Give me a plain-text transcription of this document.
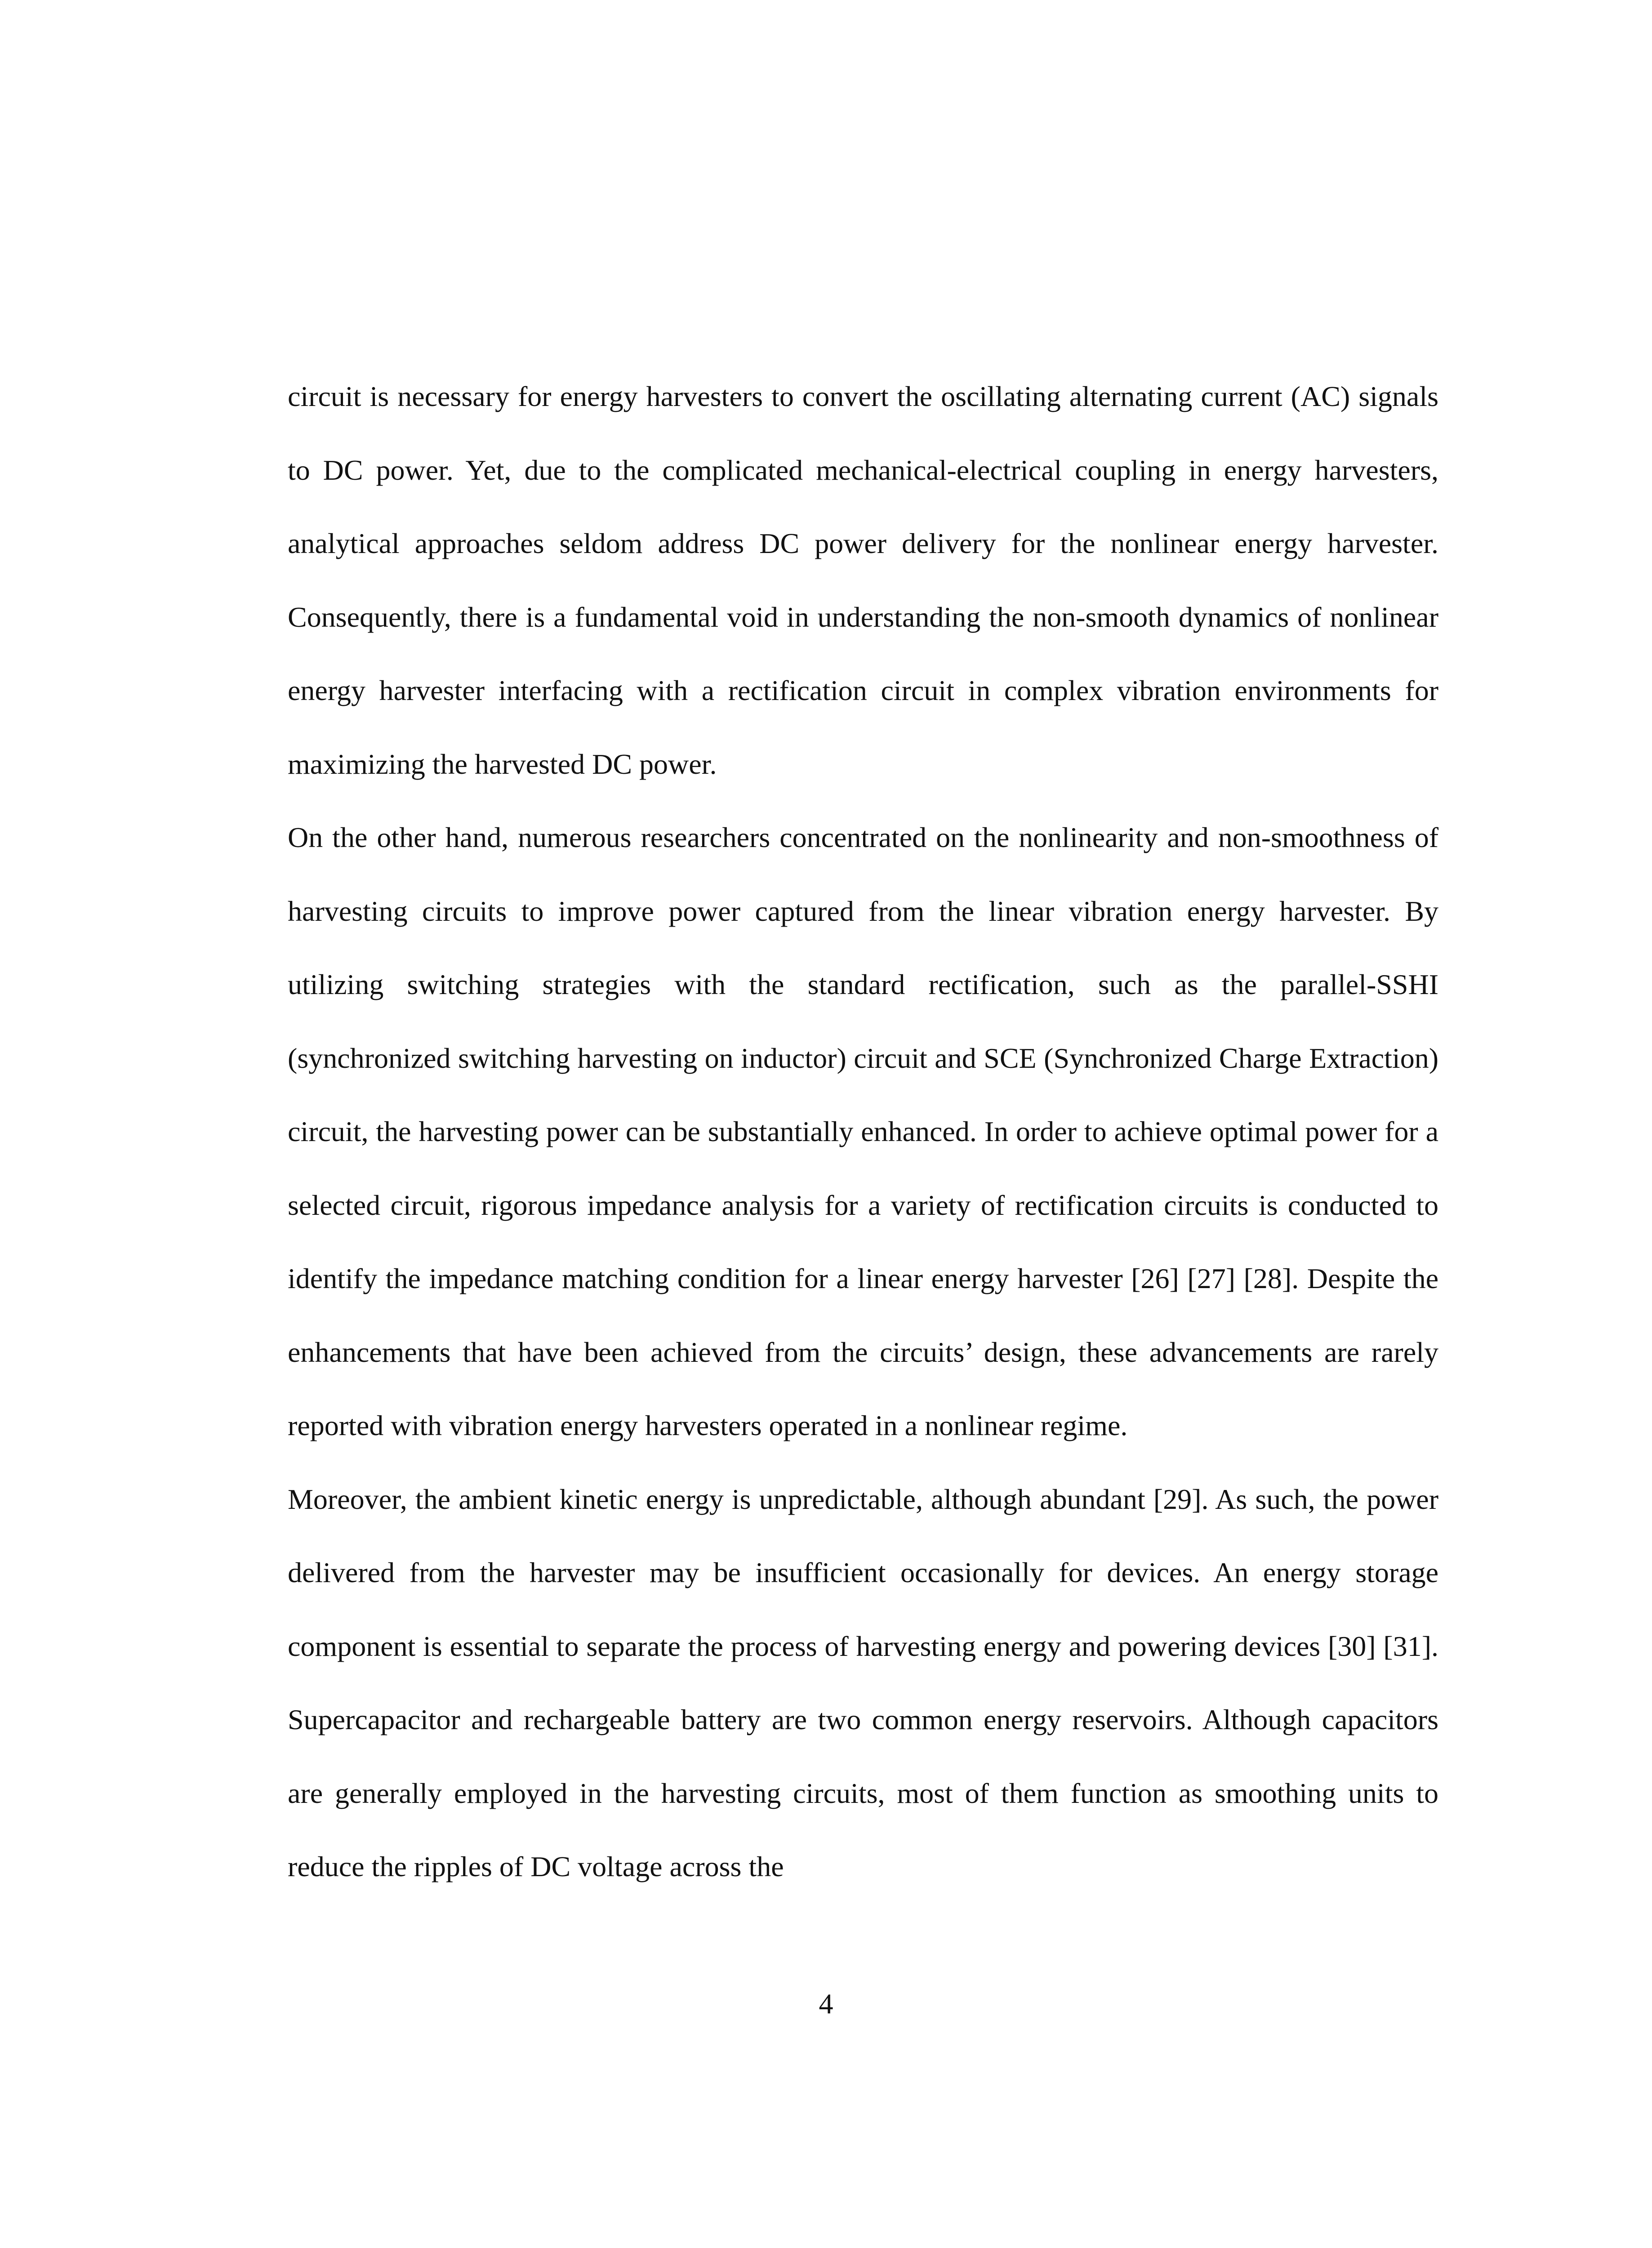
circuit is necessary for energy harvesters to convert the oscillating alternating current (AC) signals to DC power. Yet, due to the complicated mechanical-electrical coupling in energy harvesters, analytical approaches seldom address DC power delivery for the nonlinear energy harvester. Consequently, there is a fundamental void in understanding the non-smooth dynamics of nonlinear energy harvester interfacing with a rectification circuit in complex vibration environments for maximizing the harvested DC power.

On the other hand, numerous researchers concentrated on the nonlinearity and non-smoothness of harvesting circuits to improve power captured from the linear vibration energy harvester. By utilizing switching strategies with the standard rectification, such as the parallel-SSHI (synchronized switching harvesting on inductor) circuit and SCE (Synchronized Charge Extraction) circuit, the harvesting power can be substantially enhanced. In order to achieve optimal power for a selected circuit, rigorous impedance analysis for a variety of rectification circuits is conducted to identify the impedance matching condition for a linear energy harvester [26] [27] [28]. Despite the enhancements that have been achieved from the circuits’ design, these advancements are rarely reported with vibration energy harvesters operated in a nonlinear regime.

Moreover, the ambient kinetic energy is unpredictable, although abundant [29]. As such, the power delivered from the harvester may be insufficient occasionally for devices. An energy storage component is essential to separate the process of harvesting energy and powering devices [30] [31]. Supercapacitor and rechargeable battery are two common energy reservoirs. Although capacitors are generally employed in the harvesting circuits, most of them function as smoothing units to reduce the ripples of DC voltage across the

4
